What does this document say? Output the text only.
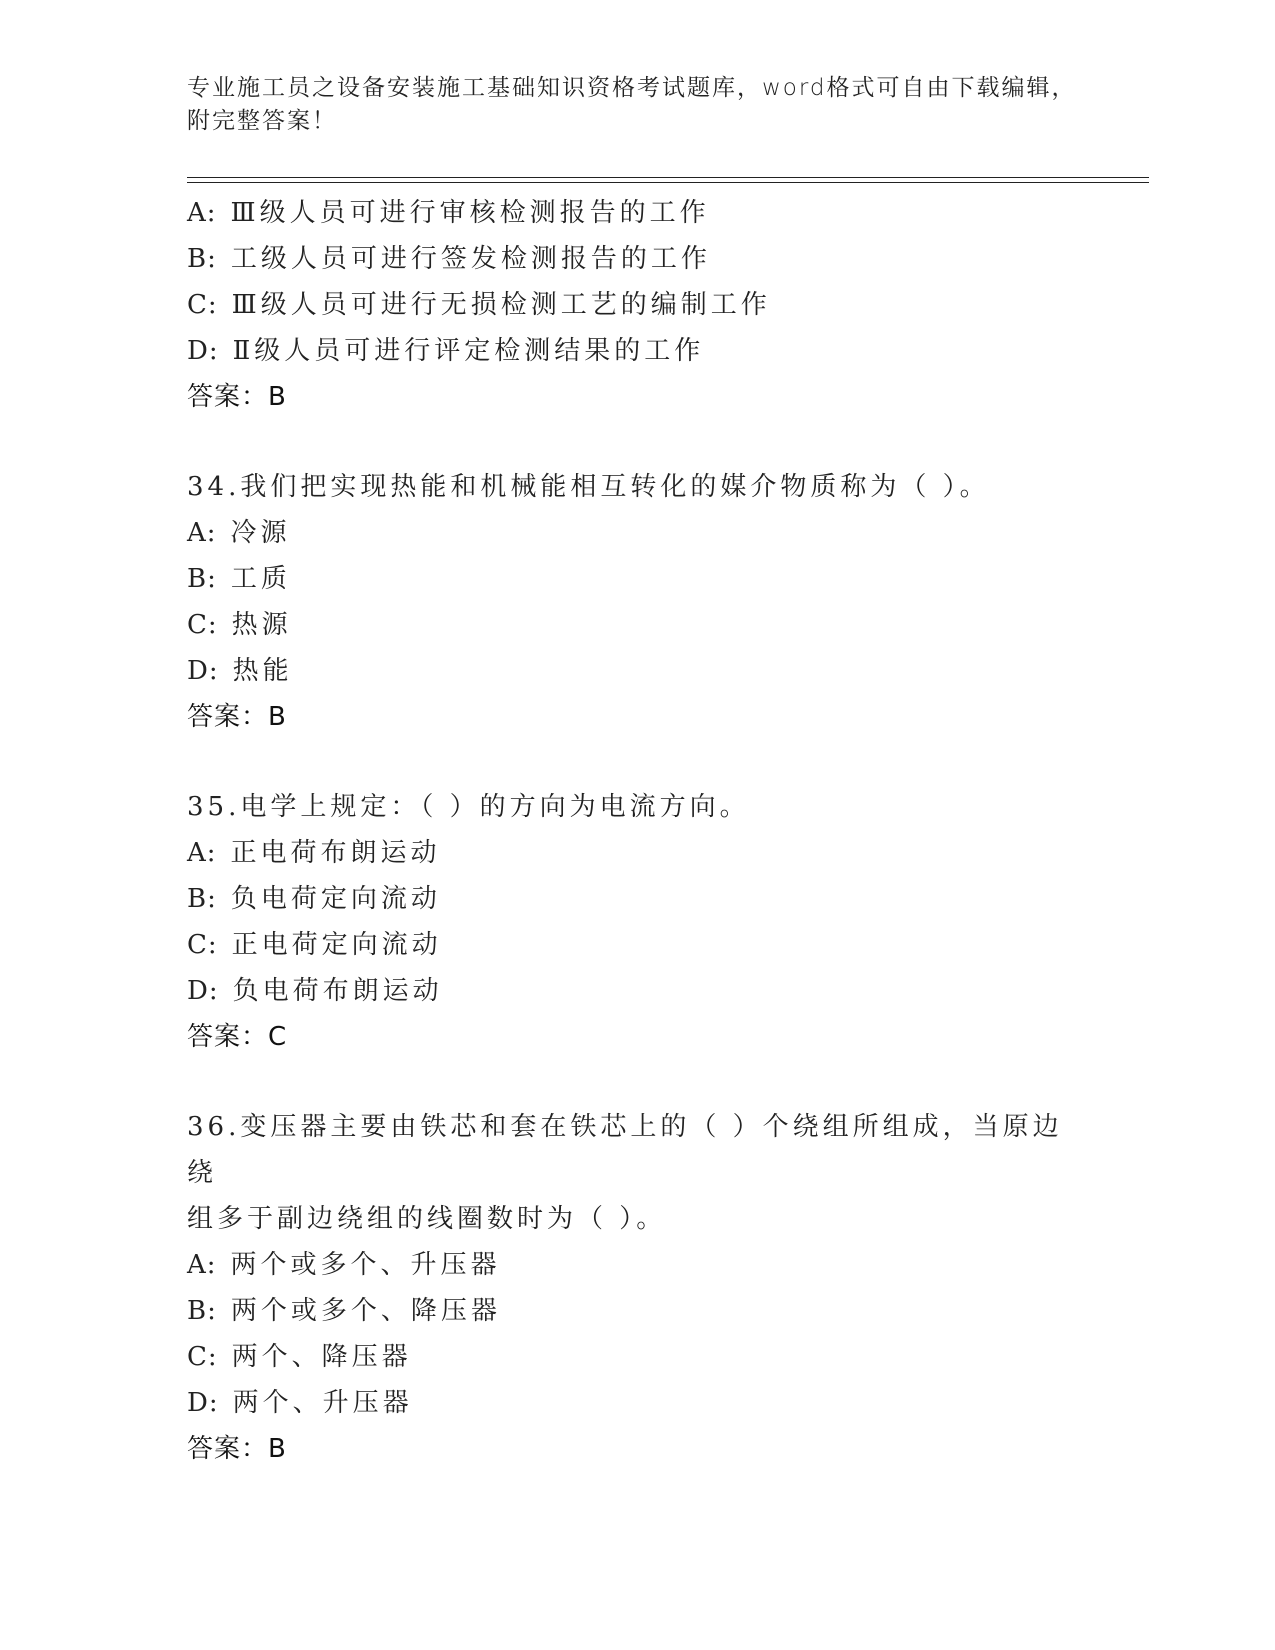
专业施工员之设备安装施工基础知识资格考试题库，word格式可自由下载编辑，
附完整答案！
A: Ⅲ级人员可进行审核检测报告的工作
B: 工级人员可进行签发检测报告的工作
C: Ⅲ级人员可进行无损检测工艺的编制工作
D: Ⅱ级人员可进行评定检测结果的工作
答案：B
34.我们把实现热能和机械能相互转化的媒介物质称为（ ）。
A: 冷源
B: 工质
C: 热源
D: 热能
答案：B
35.电学上规定：（ ）的方向为电流方向。
A: 正电荷布朗运动
B: 负电荷定向流动
C: 正电荷定向流动
D: 负电荷布朗运动
答案：C
36.变压器主要由铁芯和套在铁芯上的（ ）个绕组所组成，当原边绕
组多于副边绕组的线圈数时为（ ）。
A: 两个或多个、升压器
B: 两个或多个、降压器
C: 两个、降压器
D: 两个、升压器
答案：B
